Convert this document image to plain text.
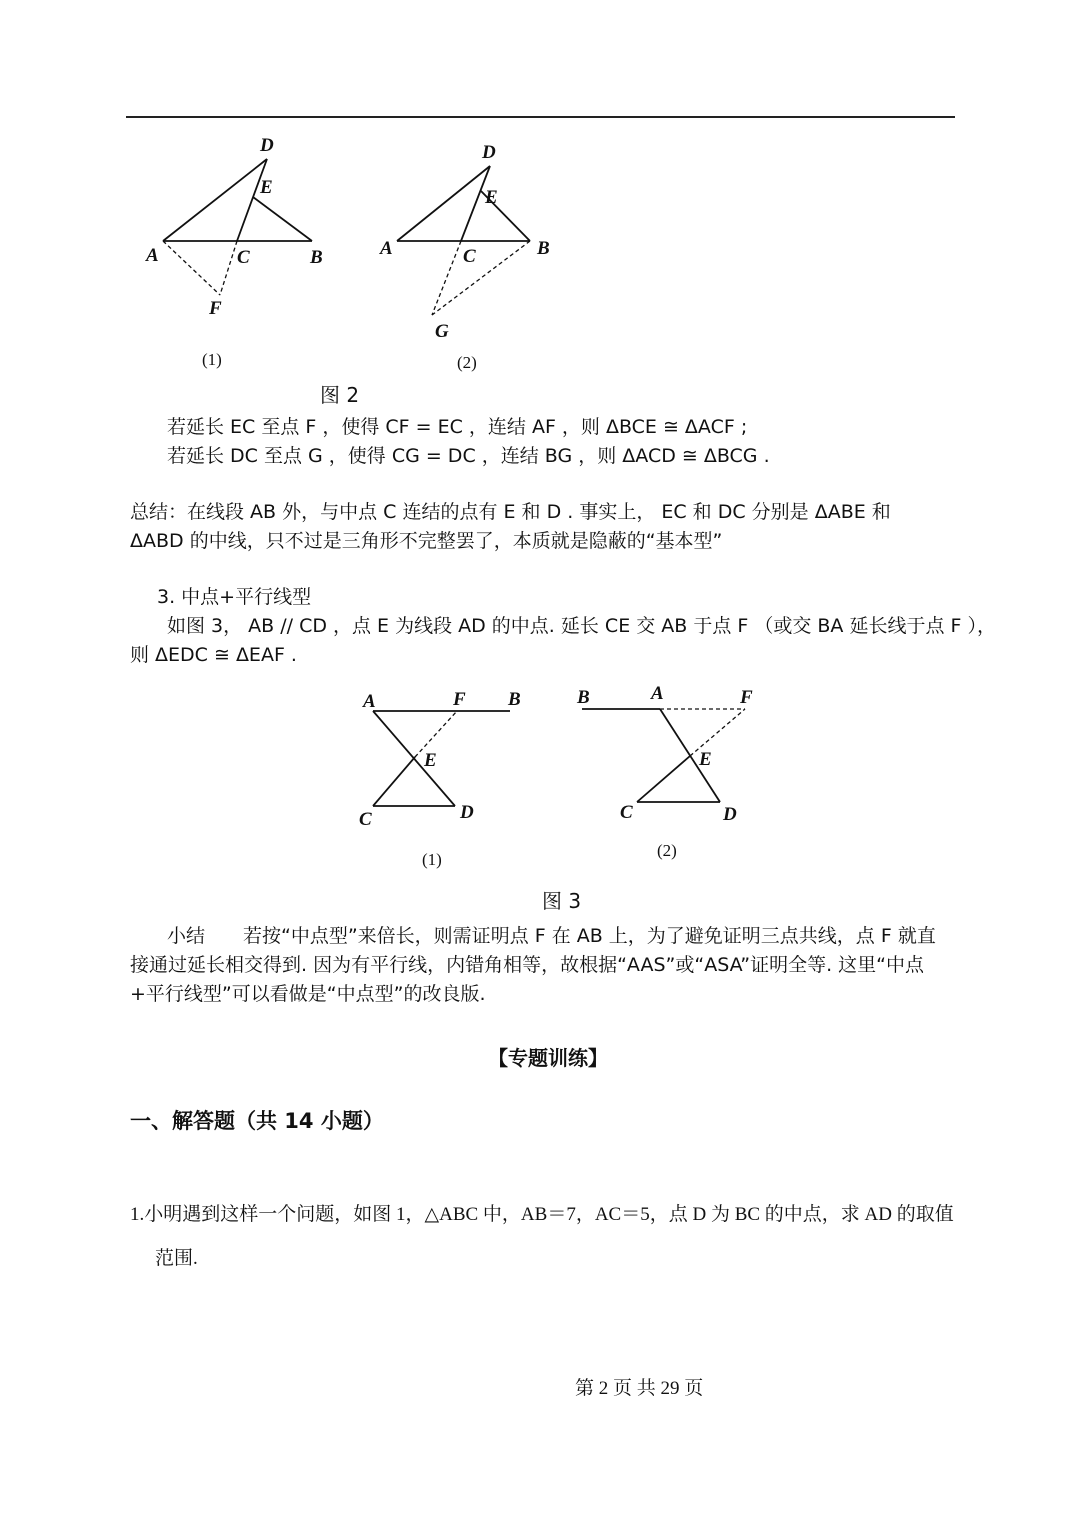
D
E
A	C	B
F
(1)
D
E
A	C	B
G
(2)
图 2
若延长 EC 至点 F ，使得 CF = EC ，连结 AF ，则 ΔBCE ≅ ΔACF ;
若延长 DC 至点 G ，使得 CG = DC ，连结 BG ，则 ΔACD ≅ ΔBCG .
总结：在线段 AB 外，与中点 C 连结的点有 E 和 D . 事实上， EC 和 DC 分别是 ΔABE 和
ΔABD 的中线，只不过是三角形不完整罢了，本质就是隐蔽的“基本型”
3. 中点+平行线型
如图 3， AB // CD ，点 E 为线段 AD 的中点. 延长 CE 交 AB 于点 F （或交 BA 延长线于点 F ），
则 ΔEDC ≅ ΔEAF .
A	F B
E
C	D
(1)
B	A	F
E
C	D
(2)
图 3
小结　　若按“中点型”来倍长，则需证明点 F 在 AB 上，为了避免证明三点共线，点 F 就直
接通过延长相交得到. 因为有平行线，内错角相等，故根据“AAS”或“ASA”证明全等. 这里“中点
+平行线型”可以看做是“中点型”的改良版.
【专题训练】
一、解答题（共 14 小题）
1.小明遇到这样一个问题，如图 1，△ABC 中，AB＝7，AC＝5，点 D 为 BC 的中点，求 AD 的取值
范围.
第 2 页 共 29 页
